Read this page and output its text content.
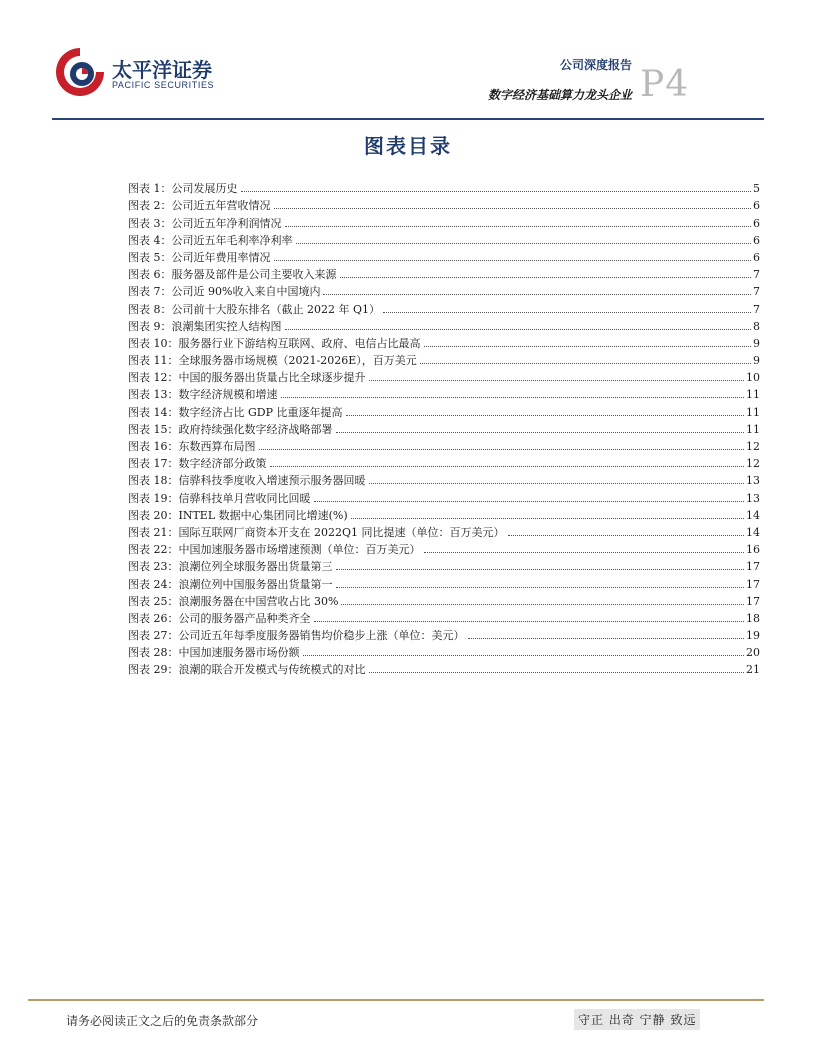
太平洋证券
PACIFIC SECURITIES
公司深度报告
数字经济基础算力龙头企业 P4
图表目录
图表 1：公司发展历史	5
图表 2：公司近五年营收情况	6
图表 3：公司近五年净利润情况	6
图表 4：公司近五年毛利率净利率	6
图表 5：公司近年费用率情况	6
图表 6：服务器及部件是公司主要收入来源	7
图表 7：公司近 90%收入来自中国境内	7
图表 8：公司前十大股东排名（截止 2022 年 Q1）	7
图表 9：浪潮集团实控人结构图	8
图表 10：服务器行业下游结构互联网、政府、电信占比最高	9
图表 11：全球服务器市场规模（2021-2026E），百万美元	9
图表 12：中国的服务器出货量占比全球逐步提升	10
图表 13：数字经济规模和增速	11
图表 14：数字经济占比 GDP 比重逐年提高	11
图表 15：政府持续强化数字经济战略部署	11
图表 16：东数西算布局图	12
图表 17：数字经济部分政策	12
图表 18：信骅科技季度收入增速预示服务器回暖	13
图表 19：信骅科技单月营收同比回暖	13
图表 20：INTEL 数据中心集团同比增速(%)	14
图表 21：国际互联网厂商资本开支在 2022Q1 同比提速（单位：百万美元）	14
图表 22：中国加速服务器市场增速预测（单位：百万美元）	16
图表 23：浪潮位列全球服务器出货量第三	17
图表 24：浪潮位列中国服务器出货量第一	17
图表 25：浪潮服务器在中国营收占比 30%	17
图表 26：公司的服务器产品种类齐全	18
图表 27：公司近五年每季度服务器销售均价稳步上涨（单位：美元）	19
图表 28：中国加速服务器市场份额	20
图表 29：浪潮的联合开发模式与传统模式的对比	21
请务必阅读正文之后的免责条款部分	守正 出奇 宁静 致远
